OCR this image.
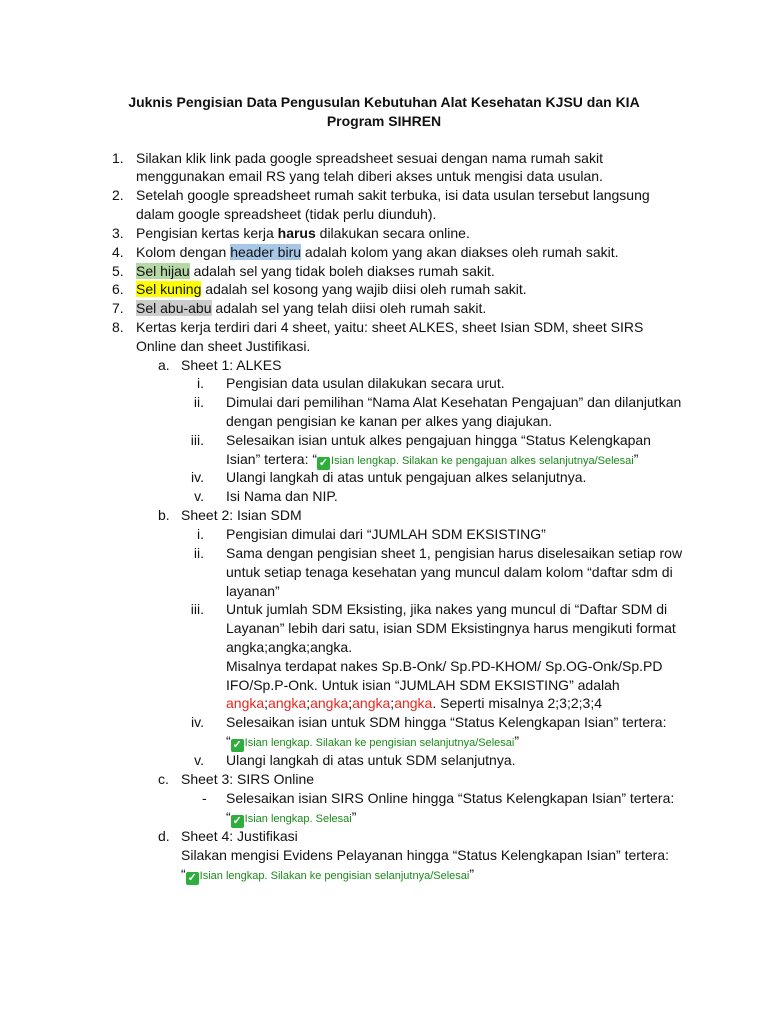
Juknis Pengisian Data Pengusulan Kebutuhan Alat Kesehatan KJSU dan KIA
Program SIHREN
1. Silakan klik link pada google spreadsheet sesuai dengan nama rumah sakit
menggunakan email RS yang telah diberi akses untuk mengisi data usulan.
2. Setelah google spreadsheet rumah sakit terbuka, isi data usulan tersebut langsung
dalam google spreadsheet (tidak perlu diunduh).
3. Pengisian kertas kerja harus dilakukan secara online.
4. Kolom dengan header biru adalah kolom yang akan diakses oleh rumah sakit.
5. Sel hijau adalah sel yang tidak boleh diakses rumah sakit.
6. Sel kuning adalah sel kosong yang wajib diisi oleh rumah sakit.
7. Sel abu-abu adalah sel yang telah diisi oleh rumah sakit.
8. Kertas kerja terdiri dari 4 sheet, yaitu: sheet ALKES, sheet Isian SDM, sheet SIRS
Online dan sheet Justifikasi.
a. Sheet 1: ALKES
i. Pengisian data usulan dilakukan secara urut.
ii. Dimulai dari pemilihan “Nama Alat Kesehatan Pengajuan” dan dilanjutkan
dengan pengisian ke kanan per alkes yang diajukan.
iii. Selesaikan isian untuk alkes pengajuan hingga “Status Kelengkapan
Isian” tertera: “ ✓ Isian lengkap. Silakan ke pengajuan alkes selanjutnya/Selesai”
iv. Ulangi langkah di atas untuk pengajuan alkes selanjutnya.
v. Isi Nama dan NIP.
b. Sheet 2: Isian SDM
i. Pengisian dimulai dari “JUMLAH SDM EKSISTING”
ii. Sama dengan pengisian sheet 1, pengisian harus diselesaikan setiap row
untuk setiap tenaga kesehatan yang muncul dalam kolom “daftar sdm di
layanan”
iii. Untuk jumlah SDM Eksisting, jika nakes yang muncul di “Daftar SDM di
Layanan” lebih dari satu, isian SDM Eksistingnya harus mengikuti format
angka;angka;angka.
Misalnya terdapat nakes Sp.B-Onk/ Sp.PD-KHOM/ Sp.OG-Onk/Sp.PD
IFO/Sp.P-Onk. Untuk isian “JUMLAH SDM EKSISTING” adalah
angka;angka;angka;angka;angka. Seperti misalnya 2;3;2;3;4
iv. Selesaikan isian untuk SDM hingga “Status Kelengkapan Isian” tertera:
“ ✓ Isian lengkap. Silakan ke pengisian selanjutnya/Selesai”
v. Ulangi langkah di atas untuk SDM selanjutnya.
c. Sheet 3: SIRS Online
- Selesaikan isian SIRS Online hingga “Status Kelengkapan Isian” tertera:
“ ✓ Isian lengkap. Selesai”
d. Sheet 4: Justifikasi
Silakan mengisi Evidens Pelayanan hingga “Status Kelengkapan Isian” tertera:
“ ✓ Isian lengkap. Silakan ke pengisian selanjutnya/Selesai”
